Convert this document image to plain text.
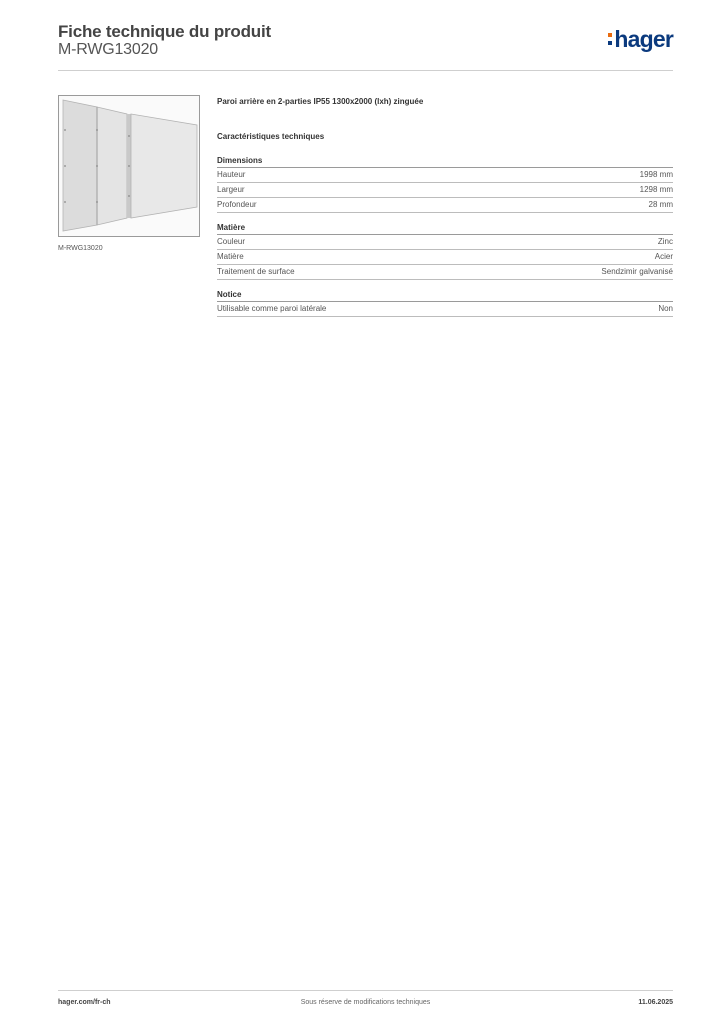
Fiche technique du produit
M-RWG13020	hager
M-RWG13020
Paroi arrière en 2-parties IP55 1300x2000 (lxh) zinguée
Caractéristiques techniques
Dimensions
Hauteur	1998 mm
Largeur	1298 mm
Profondeur	28 mm
Matière
Couleur	Zinc
Matière	Acier
Traitement de surface	Sendzimir galvanisé
Notice
Utilisable comme paroi latérale	Non
Sous réserve de modifications techniques
hager.com/fr-ch	11.06.2025
